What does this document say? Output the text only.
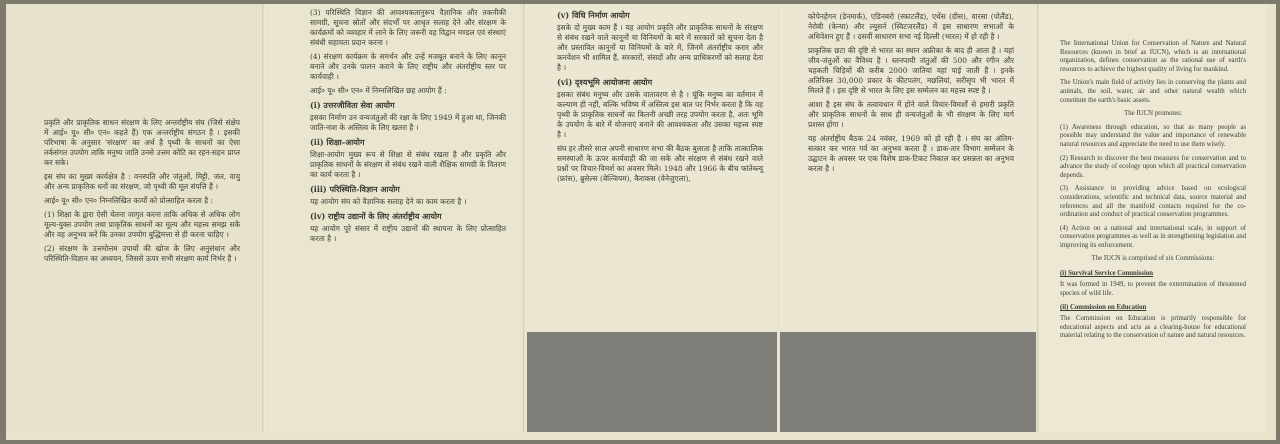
प्रकृति और प्राकृतिक साधन संरक्षण के लिए अन्तर्राष्ट्रीय संघ (जिसे संक्षेप में आई० यू० सी० एन० कहते हैं) एक अन्तर्राष्ट्रीय संगठन है । इसकी परिभाषा के अनुसार 'संरक्षण' का अर्थ है पृथ्वी के साधनों का ऐसा तर्कसंगत उपयोग ताकि मनुष्य जाति उनसे उत्तम कोटि का रहन-सहन प्राप्त कर सके।

इस संघ का मुख्य कार्यक्षेत्र है : वनस्पति और जंतुओं, मिट्टी, जल, वायु और अन्य प्राकृतिक धनों का संरक्षण, जो पृथ्वी की मूल संपत्ति हैं ।

आई० यू० सी० एन० निम्नलिखित कार्यों को प्रोत्साहित करता है :

(1) शिक्षा के द्वारा ऐसी चेतना जागृत करना ताकि अधिक से अधिक लोग मूल्य-युक्त उपयोग तथा प्राकृतिक साधनों का मूल्य और महत्त्व समझ सकें और वह अनुभव करें कि उनका उपयोग बुद्धिमत्ता से ही करना चाहिए ।

(2) संरक्षण के उत्तमोत्तम उपायों की खोज के लिए अनुसंधान और परिस्थिति-विज्ञान का अध्ययन, जिससे ऊपर सभी संरक्षण कार्य निर्भर हैं ।

(3) परिस्थिति विज्ञान की आवश्यकतानुरूप वैज्ञानिक और तकनीकी सामग्री, सूचना स्रोतों और संदर्भों पर आधृत सलाह देने और संरक्षण के कार्यक्रमों को व्यवहार में लाने के लिए जरूरी वह विद्वान मण्डल एवं संस्थाएं संबंधी सहायता प्रदान करना ।

(4) संरक्षण कार्यक्रम के समर्थन और उन्हें मजबूत बनाने के लिए कानून बनाने और उनके पालन कराने के लिए राष्ट्रीय और अंतर्राष्ट्रीय स्तर पर कार्यवाही ।

आई० यू० सी० एन० में निम्नलिखित छह आयोग हैं :

(i) उत्तरजीविता सेवा आयोग

इसका निर्माण उन वन्यजंतुओं की रक्षा के लिए 1949 में हुआ था, जिनकी जाति-नाश के अस्तित्व के लिए खतरा है ।

(ii) शिक्षा-आयोग

शिक्षा-आयोग मुख्य रूप से शिक्षा से संबंध रखता है और प्रकृति और प्राकृतिक साधनों के संरक्षण से संबंध रखने वाली शैक्षिक सामग्री के वितरण का कार्य करता है ।

(iii) परिस्थिति-विज्ञान आयोग

यह आयोग संघ को वैज्ञानिक सलाह देने का काम करता है ।

(iv) राष्ट्रीय उद्यानों के लिए अंतर्राष्ट्रीय आयोग

यह आयोग पूरे संसार में राष्ट्रीय उद्यानों की स्थापना के लिए प्रोत्साहित करता है ।

(v) विधि निर्माण आयोग

इसके दो मुख्य काम हैं । यह आयोग प्रकृति और प्राकृतिक साधनों के संरक्षण से संबंध रखने वाले कानूनों या विनियमों के बारे में सरकारों को सूचना देता है और प्रस्तावित कानूनों या विनियमों के बारे में, जिनमें अंतर्राष्ट्रीय करार और कनवेंशन भी शामिल हैं, सरकारों, संसदों और अन्य प्राधिकरणों को सलाह देता है ।

(vi) दृश्यभूमि आयोजना आयोग

इसका संबंध मनुष्य और उसके वातावरण से है । चूंकि मनुष्य का वर्तमान में कल्याण ही नहीं, बल्कि भविष्य में अस्तित्व इस बात पर निर्भर करता है कि वह पृथ्वी के प्राकृतिक साधनों का कितनी अच्छी तरह उपयोग करता है, अतः भूमि के उपयोग के बारे में योजनाएं बनाने की आवश्यकता और उसका महत्त्व स्पष्ट है ।

संघ हर तीसरे साल अपनी साधारण सभा की बैठक बुलाता है ताकि तात्कालिक समस्याओं के ऊपर कार्यवाही की जा सके और संरक्षण से संबंध रखने वाले प्रश्नों पर विचार-विमर्श का अवसर मिले। 1948 और 1966 के बीच फांतेब्ल्यू (फ्रांस), ब्रुसेल्स (बेल्जियम), कैराकस (वेनेजुएला),

कोपेनहेगन (डेनमार्क), एडिनबरो (स्काटलैंड), एथेंस (ग्रीस), वारसा (पोलैंड), नेरोबी (केन्या) और ल्यूसर्न (स्विटजरलैंड) में इस साधारण सभाओं के अधिवेशन हुए हैं । दसवीं साधारण सभा नई दिल्ली (भारत) में हो रही है ।

प्राकृतिक छटा की दृष्टि से भारत का स्थान अफ्रीका के बाद ही आता है । यहां जीव-जंतुओं का वैविध्य है । स्तनपायी जंतुओं की 500 और रंगीन और चहकती चिड़ियों की करीब 2000 जातियां यहां पाई जाती हैं । इनके अतिरिक्त 30,000 प्रकार के कीटपतंग, मछलियां, सरीसृप भी भारत में मिलते हैं । इस दृष्टि से भारत के लिए इस सम्मेलन का महत्त्व स्पष्ट है ।

आशा है इस संघ के तत्वावधान में होने वाले विचार-विमर्शों से हमारी प्रकृति और प्राकृतिक साधनों के साथ ही वन्यजंतुओं के भी संरक्षण के लिए मार्ग प्रशस्त होगा ।

यह अंतर्राष्ट्रीय बैठक 24 नवंबर, 1969 को हो रही है । संघ का अंतिम-सत्कार कर भारत गर्व का अनुभव करता है । डाक-तार विभाग सम्मेलन के उद्घाटन के अवसर पर एक विशेष डाक-टिकट निकाल कर प्रसन्नता का अनुभव करता है ।

The International Union for Conservation of Nature and Natural Resources (known in brief as IUCN), which is an international organization, defines conservation as the rational use of earth's resources to achieve the highest quality of living for mankind.

The Union's main field of activity lies in conserving the plants and animals, the soil, water, air and other natural wealth which constitute the earth's basic assets.

The IUCN promotes:

(1) Awareness through education, so that as many people as possible may understand the value and importance of renewable natural resources and appreciate the need to use them wisely.

(2) Research to discover the best measures for conservation and to advance the study of ecology upon which all practical conservation depends.

(3) Assistance in providing advice based on ecological considerations, scientific and technical data, source material and references and all the manifold contacts required for the co-ordination and conduct of practical conservation programmes.

(4) Action on a national and international scale, in support of conservation programmes as well as in strengthening legislation and improving its enforcement.

The IUCN is comprised of six Commissions:

(i) Survival Service Commission

It was formed in 1949, to prevent the extermination of threatened species of wild life.

(ii) Commission on Education

The Commission on Education is primarily responsible for educational aspects and acts as a clearing-house for educational material relating to the conservation of nature and natural resources.
